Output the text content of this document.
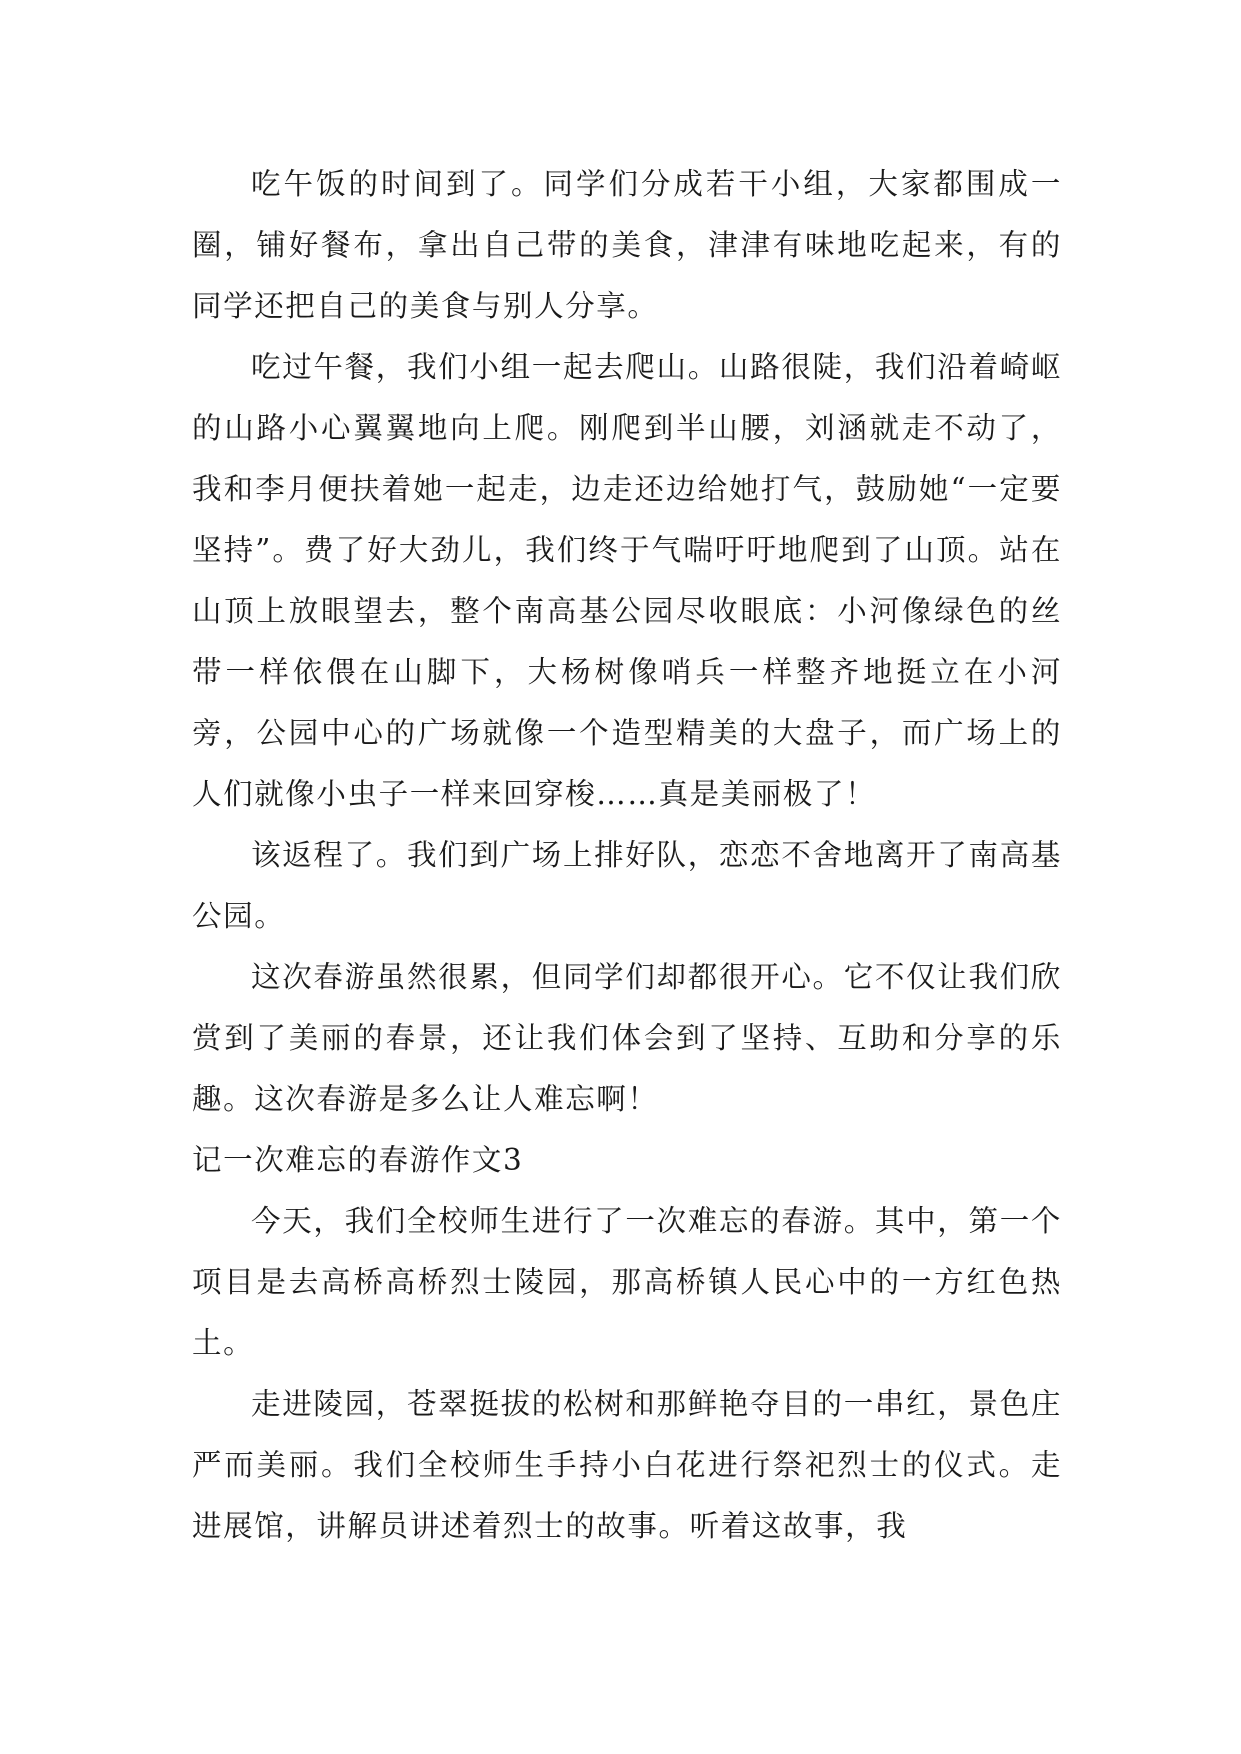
吃午饭的时间到了。同学们分成若干小组，大家都围成一圈，铺好餐布，拿出自己带的美食，津津有味地吃起来，有的同学还把自己的美食与别人分享。

吃过午餐，我们小组一起去爬山。山路很陡，我们沿着崎岖的山路小心翼翼地向上爬。刚爬到半山腰，刘涵就走不动了，我和李月便扶着她一起走，边走还边给她打气，鼓励她“一定要坚持”。费了好大劲儿，我们终于气喘吁吁地爬到了山顶。站在山顶上放眼望去，整个南高基公园尽收眼底：小河像绿色的丝带一样依偎在山脚下，大杨树像哨兵一样整齐地挺立在小河旁，公园中心的广场就像一个造型精美的大盘子，而广场上的人们就像小虫子一样来回穿梭……真是美丽极了！

该返程了。我们到广场上排好队，恋恋不舍地离开了南高基公园。

这次春游虽然很累，但同学们却都很开心。它不仅让我们欣赏到了美丽的春景，还让我们体会到了坚持、互助和分享的乐趣。这次春游是多么让人难忘啊！

记一次难忘的春游作文3

今天，我们全校师生进行了一次难忘的春游。其中，第一个项目是去高桥高桥烈士陵园，那高桥镇人民心中的一方红色热土。

走进陵园，苍翠挺拔的松树和那鲜艳夺目的一串红，景色庄严而美丽。我们全校师生手持小白花进行祭祀烈士的仪式。走进展馆，讲解员讲述着烈士的故事。听着这故事，我
